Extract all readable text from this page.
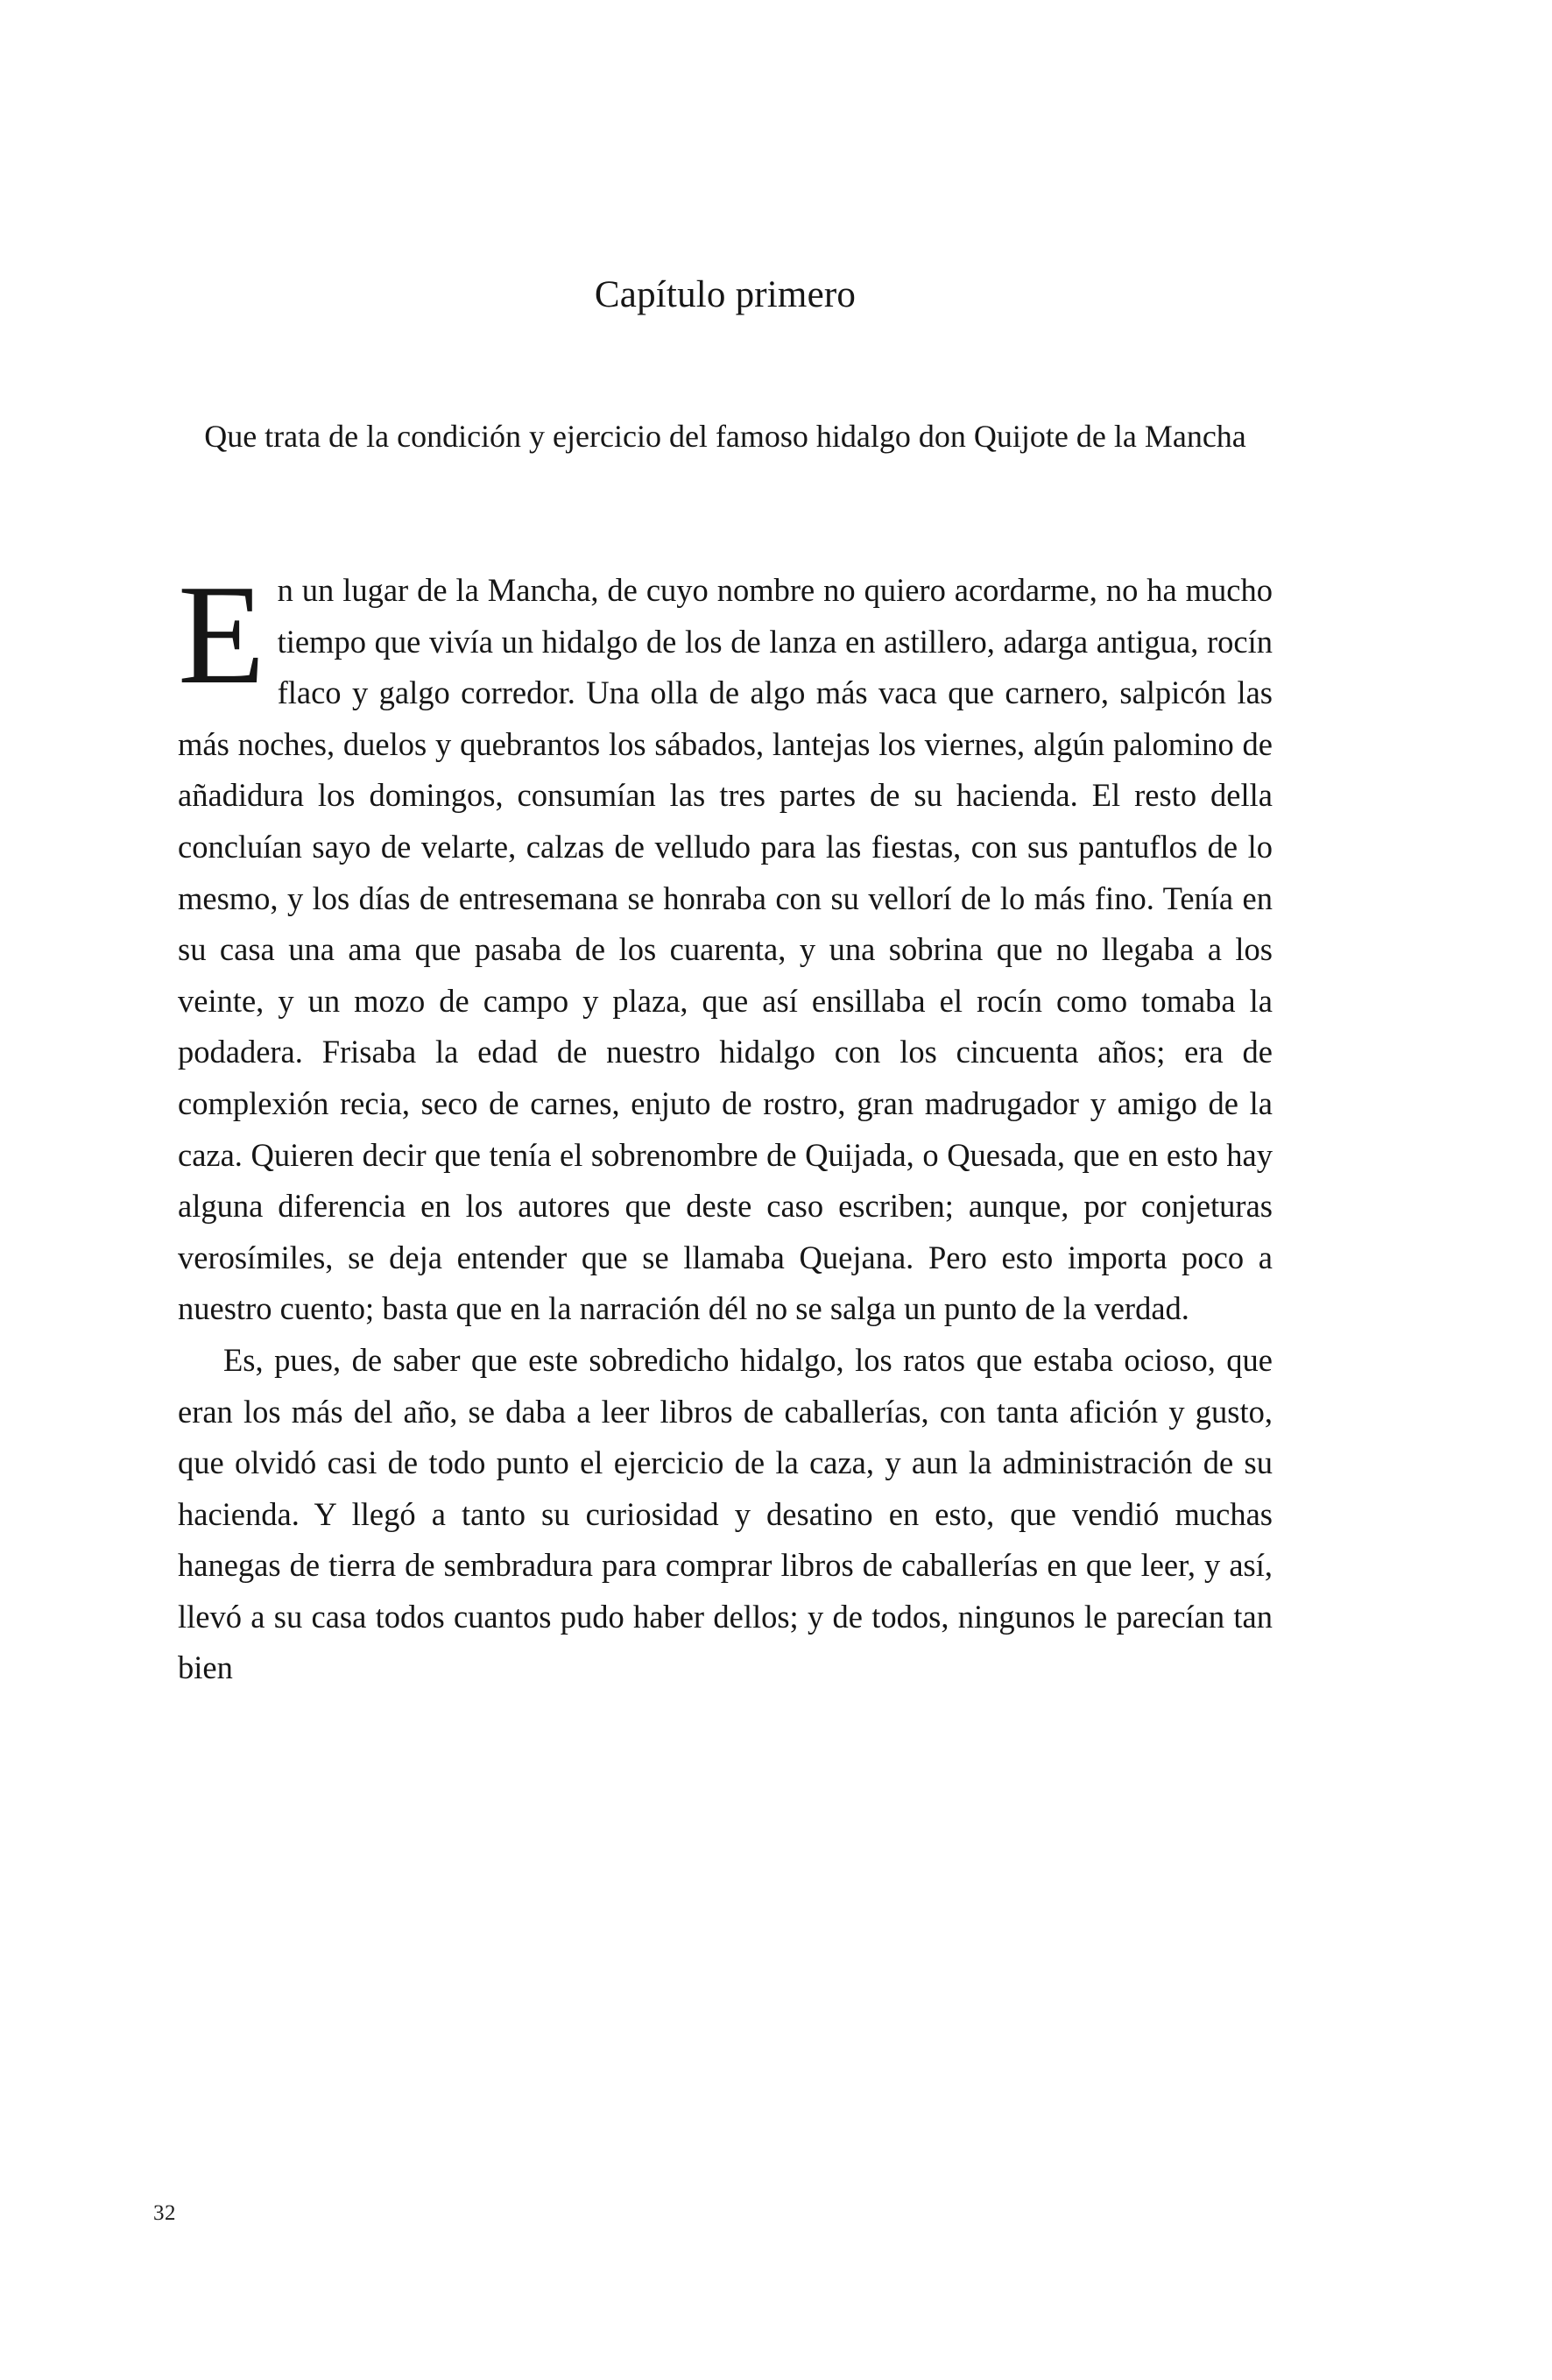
Capítulo primero
Que trata de la condición y ejercicio del famoso hidalgo don Quijote de la Mancha

En un lugar de la Mancha, de cuyo nombre no quiero acordarme, no ha mucho tiempo que vivía un hidalgo de los de lanza en astillero, adarga antigua, rocín flaco y galgo corredor. Una olla de algo más vaca que carnero, salpicón las más noches, duelos y quebrantos los sábados, lantejas los viernes, algún palomino de añadidura los domingos, consumían las tres partes de su hacienda. El resto della concluían sayo de velarte, calzas de velludo para las fiestas, con sus pantuflos de lo mesmo, y los días de entresemana se honraba con su vellorí de lo más fino. Tenía en su casa una ama que pasaba de los cuarenta, y una sobrina que no llegaba a los veinte, y un mozo de campo y plaza, que así ensillaba el rocín como tomaba la podadera. Frisaba la edad de nuestro hidalgo con los cincuenta años; era de complexión recia, seco de carnes, enjuto de rostro, gran madrugador y amigo de la caza. Quieren decir que tenía el sobrenombre de Quijada, o Quesada, que en esto hay alguna diferencia en los autores que deste caso escriben; aunque, por conjeturas verosímiles, se deja entender que se llamaba Quejana. Pero esto importa poco a nuestro cuento; basta que en la narración dél no se salga un punto de la verdad.

Es, pues, de saber que este sobredicho hidalgo, los ratos que estaba ocioso, que eran los más del año, se daba a leer libros de caballerías, con tanta afición y gusto, que olvidó casi de todo punto el ejercicio de la caza, y aun la administración de su hacienda. Y llegó a tanto su curiosidad y desatino en esto, que vendió muchas hanegas de tierra de sembradura para comprar libros de caballerías en que leer, y así, llevó a su casa todos cuantos pudo haber dellos; y de todos, ningunos le parecían tan bien

32
